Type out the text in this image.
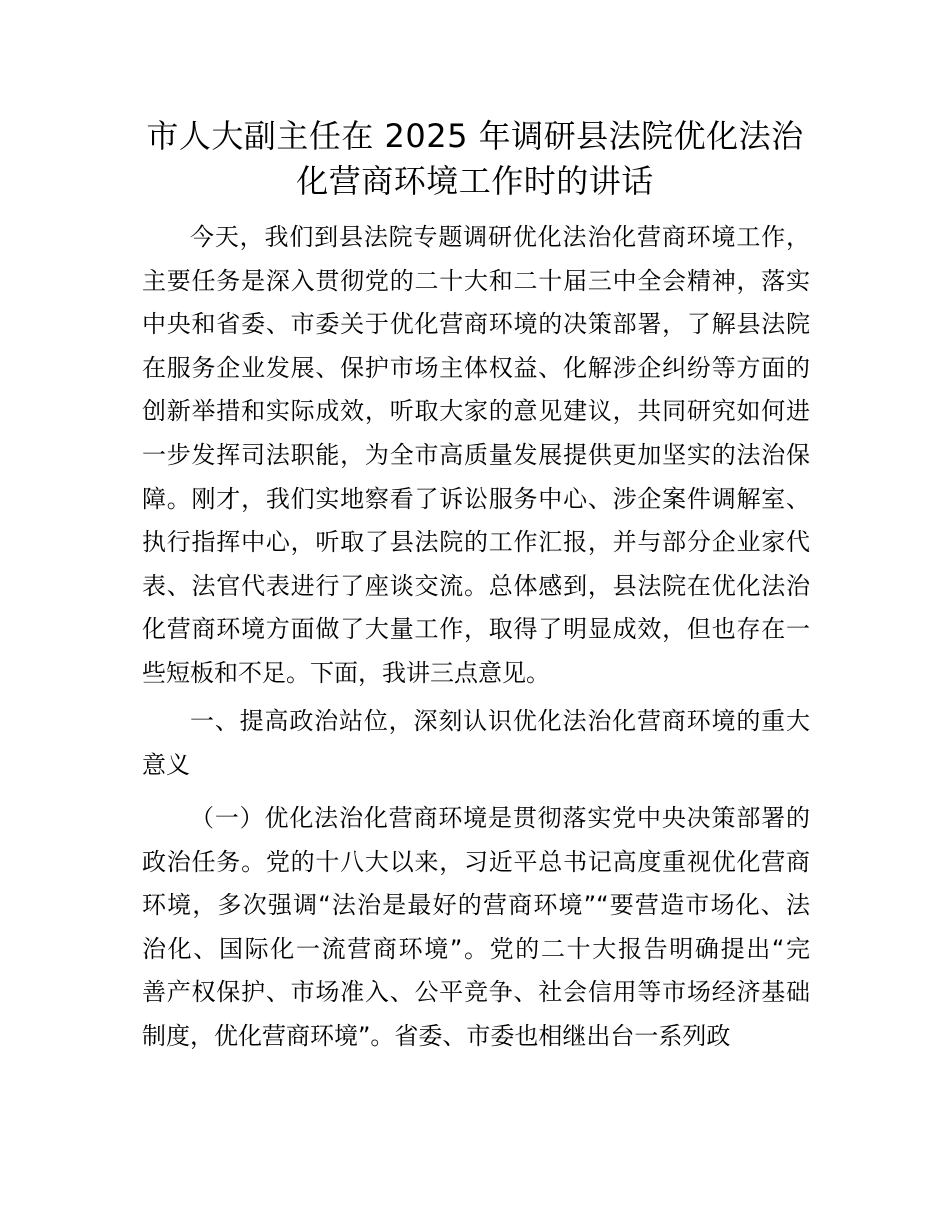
市人大副主任在 2025 年调研县法院优化法治
化营商环境工作时的讲话
今天，我们到县法院专题调研优化法治化营商环境工作，
主要任务是深入贯彻党的二十大和二十届三中全会精神，落实
中央和省委、市委关于优化营商环境的决策部署，了解县法院
在服务企业发展、保护市场主体权益、化解涉企纠纷等方面的
创新举措和实际成效，听取大家的意见建议，共同研究如何进
一步发挥司法职能，为全市高质量发展提供更加坚实的法治保
障。刚才，我们实地察看了诉讼服务中心、涉企案件调解室、
执行指挥中心，听取了县法院的工作汇报，并与部分企业家代
表、法官代表进行了座谈交流。总体感到，县法院在优化法治
化营商环境方面做了大量工作，取得了明显成效，但也存在一
些短板和不足。下面，我讲三点意见。
一、提高政治站位，深刻认识优化法治化营商环境的重大
意义
（一）优化法治化营商环境是贯彻落实党中央决策部署的
政治任务。党的十八大以来，习近平总书记高度重视优化营商
环境，多次强调“法治是最好的营商环境”“要营造市场化、法
治化、国际化一流营商环境”。党的二十大报告明确提出“完
善产权保护、市场准入、公平竞争、社会信用等市场经济基础
制度，优化营商环境”。省委、市委也相继出台一系列政
